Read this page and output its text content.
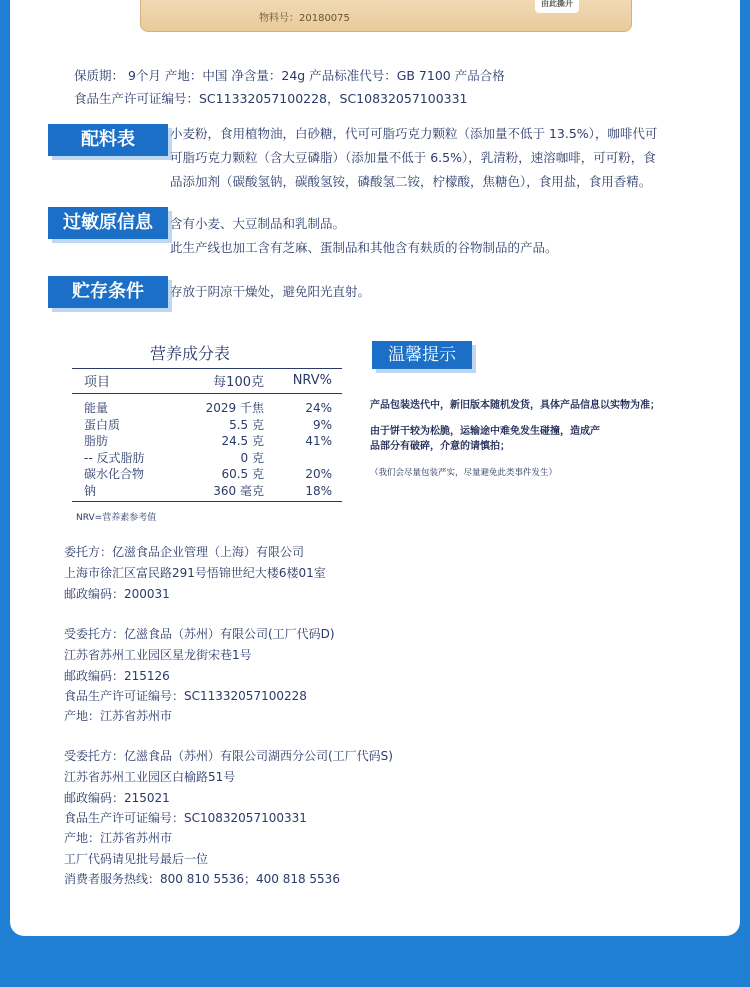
物料号：20180075
由此撕开
保质期： 9个月 产地：中国 净含量：24g 产品标准代号：GB 7100 产品合格
食品生产许可证编号：SC11332057100228，SC10832057100331
配料表	小麦粉，食用植物油，白砂糖，代可可脂巧克力颗粒（添加量不低于 13.5%），咖啡代可
可脂巧克力颗粒（含大豆磷脂）（添加量不低于 6.5%），乳清粉，速溶咖啡，可可粉，食
品添加剂（碳酸氢钠，碳酸氢铵，磷酸氢二铵，柠檬酸，焦糖色），食用盐，食用香精。
过敏原信息	含有小麦、大豆制品和乳制品。
此生产线也加工含有芝麻、蛋制品和其他含有麸质的谷物制品的产品。
贮存条件	存放于阴凉干燥处，避免阳光直射。
营养成分表
项目	每100克	NRV%
能量	2029 千焦	24%
蛋白质	5.5 克	9%
脂肪	24.5 克	41%
-- 反式脂肪	0 克	
碳水化合物	60.5 克	20%
钠	360 毫克	18%
NRV=营养素参考值
温馨提示
产品包装迭代中，新旧版本随机发货，具体产品信息以实物为准；
由于饼干较为松脆，运输途中难免发生碰撞，造成产
品部分有破碎，介意的请慎拍；
（我们会尽量包装严实，尽量避免此类事件发生）
委托方：亿滋食品企业管理（上海）有限公司
上海市徐汇区富民路291号悟锦世纪大楼6楼01室
邮政编码：200031
受委托方：亿滋食品（苏州）有限公司(工厂代码D)
江苏省苏州工业园区星龙街宋巷1号
邮政编码：215126
食品生产许可证编号：SC11332057100228
产地：江苏省苏州市
受委托方：亿滋食品（苏州）有限公司湖西分公司(工厂代码S)
江苏省苏州工业园区白榆路51号
邮政编码：215021
食品生产许可证编号：SC10832057100331
产地：江苏省苏州市
工厂代码请见批号最后一位
消费者服务热线：800 810 5536；400 818 5536
